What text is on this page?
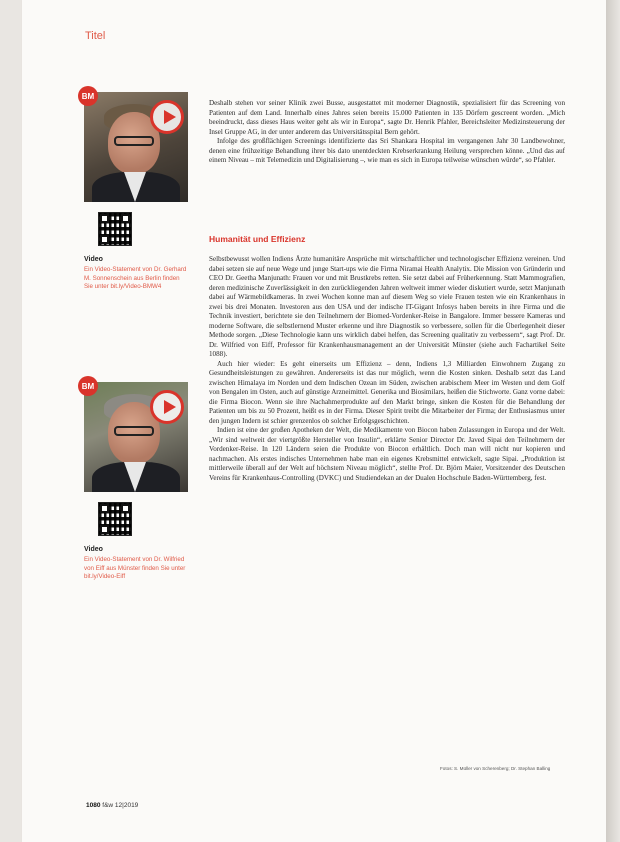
Titel
BM
Video
Ein Video-Statement von Dr. Gerhard M. Sonnenschein aus Berlin finden Sie unter bit.ly/Video-BMW4
BM
Video
Ein Video-Statement von Dr. Wilfried von Eiff aus Münster finden Sie unter bit.ly/Video-Eiff

Deshalb stehen vor seiner Klinik zwei Busse, ausgestattet mit moderner Diagnostik, spezialisiert für das Screening von Patienten auf dem Land. Innerhalb eines Jahres seien bereits 15.000 Patienten in 135 Dörfern gescreent worden. „Mich beeindruckt, dass dieses Haus weiter geht als wir in Europa“, sagte Dr. Henrik Pfahler, Bereichsleiter Medizinsteuerung der Insel Gruppe AG, in der unter anderem das Universitätsspital Bern gehört.

Infolge des großflächigen Screenings identifizierte das Sri Shankara Hospital im vergangenen Jahr 30 Landbewohner, denen eine frühzeitige Behandlung ihrer bis dato unentdeckten Krebserkrankung Heilung versprechen könne. „Und das auf einem Niveau – mit Telemedizin und Digitalisierung –, wie man es sich in Europa teilweise wünschen würde“, so Pfahler.

Humanität und Effizienz

Selbstbewusst wollen Indiens Ärzte humanitäre Ansprüche mit wirtschaftlicher und technologischer Effizienz vereinen. Und dabei setzen sie auf neue Wege und junge Start-ups wie die Firma Niramai Health Analytix. Die Mission von Gründerin und CEO Dr. Geetha Manjunath: Frauen vor und mit Brustkrebs retten. Sie setzt dabei auf Früherkennung. Statt Mammografien, deren medizinische Zuverlässigkeit in den zurückliegenden Jahren weltweit immer wieder diskutiert wurde, setzt Manjunath dabei auf Wärmebildkameras. In zwei Wochen konne man auf diesem Weg so viele Frauen testen wie ein Krankenhaus in zwei bis drei Monaten. Investoren aus den USA und der indische IT-Gigant Infosys haben bereits in ihre Firma und die Technik investiert, berichtete sie den Teilnehmern der Biomed-Vordenker-Reise in Bangalore. Immer bessere Kameras und moderne Software, die selbstlernend Muster erkenne und ihre Diagnostik so verbessere, sollen für die Überlegenheit dieser Methode sorgen. „Diese Technologie kann uns wirklich dabei helfen, das Screening qualitativ zu verbessern“, sagt Prof. Dr. Dr. Wilfried von Eiff, Professor für Krankenhausmanagement an der Universität Münster (siehe auch Fachartikel Seite 1088).

Auch hier wieder: Es geht einerseits um Effizienz – denn, Indiens 1,3 Milliarden Einwohnern Zugang zu Gesundheitsleistungen zu gewähren. Andererseits ist das nur möglich, wenn die Kosten sinken. Deshalb setzt das Land zwischen Himalaya im Norden und dem Indischen Ozean im Süden, zwischen arabischem Meer im Westen und dem Golf von Bengalen im Osten, auch auf günstige Arzneimittel. Generika und Biosimilars, heißen die Stichworte. Ganz vorne dabei: die Firma Biocon. Wenn sie ihre Nachahmerprodukte auf den Markt bringe, sinken die Kosten für die Behandlung der Patienten um bis zu 50 Prozent, heißt es in der Firma. Dieser Spirit treibt die Mitarbeiter der Firma; der Enthusiasmus unter den jungen Indern ist schier grenzenlos ob solcher Erfolgsgeschichten.

Indien ist eine der großen Apotheken der Welt, die Medikamente von Biocon haben Zulassungen in Europa und der Welt. „Wir sind weltweit der viertgrößte Hersteller von Insulin“, erklärte Senior Director Dr. Javed Sipai den Teilnehmern der Vordenker-Reise. In 120 Ländern seien die Produkte von Biocon erhältlich. Doch man will nicht nur kopieren und nachmachen. Als erstes indisches Unternehmen habe man ein eigenes Krebsmittel entwickelt, sagte Sipai. „Produktion ist mittlerweile überall auf der Welt auf höchstem Niveau möglich“, stellte Prof. Dr. Björn Maier, Vorsitzender des Deutschen Vereins für Krankenhaus-Controlling (DVKC) und Studiendekan an der Dualen Hochschule Baden-Württemberg, fest.

Fotos: S. Müller von Scherenberg; Dr. Stephan Balling
1080 f&w 12|2019
